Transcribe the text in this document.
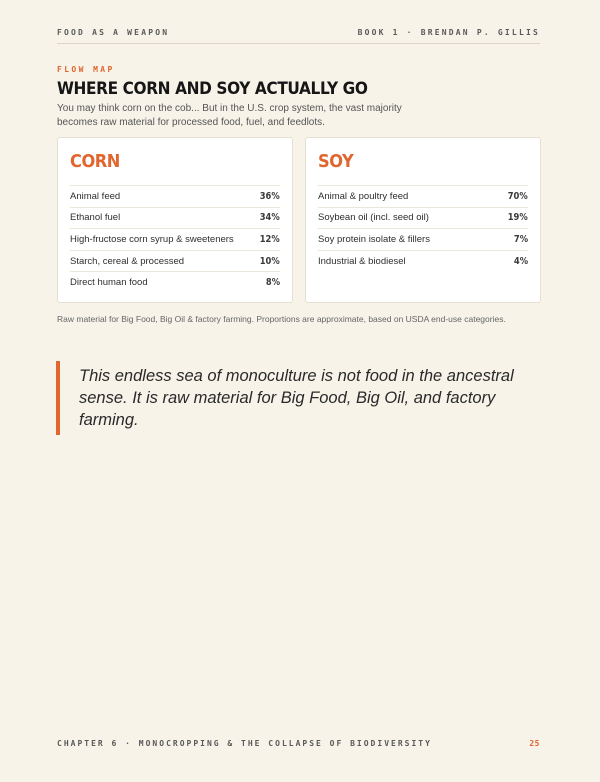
FOOD AS A WEAPON	BOOK 1 · BRENDAN P. GILLIS
FLOW MAP
WHERE CORN AND SOY ACTUALLY GO
You may think corn on the cob... But in the U.S. crop system, the vast majority becomes raw material for processed food, fuel, and feedlots.
CORN
Animal feed	36%
Ethanol fuel	34%
High-fructose corn syrup & sweeteners	12%
Starch, cereal & processed	10%
Direct human food	8%
SOY
Animal & poultry feed	70%
Soybean oil (incl. seed oil)	19%
Soy protein isolate & fillers	7%
Industrial & biodiesel	4%
Raw material for Big Food, Big Oil & factory farming. Proportions are approximate, based on USDA end-use categories.
This endless sea of monoculture is not food in the ancestral sense. It is raw material for Big Food, Big Oil, and factory farming.
CHAPTER 6 · MONOCROPPING & THE COLLAPSE OF BIODIVERSITY	25
